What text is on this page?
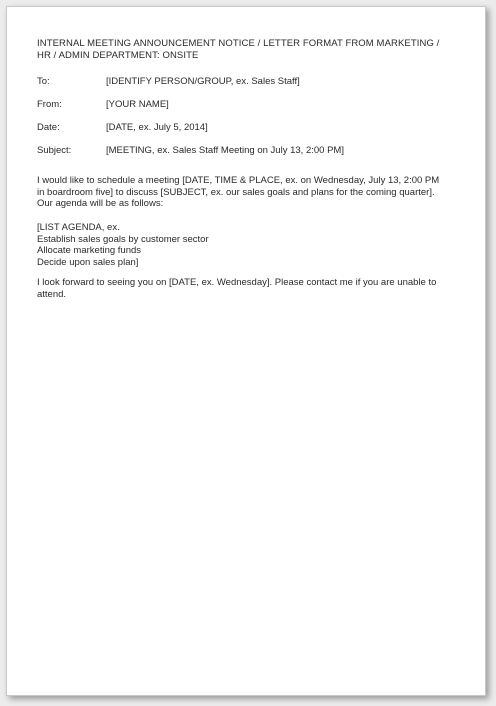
INTERNAL MEETING ANNOUNCEMENT NOTICE / LETTER FORMAT FROM MARKETING /
HR / ADMIN DEPARTMENT: ONSITE
To:	[IDENTIFY PERSON/GROUP, ex. Sales Staff]
From:	[YOUR NAME]
Date:	[DATE, ex. July 5, 2014]
Subject:	[MEETING, ex. Sales Staff Meeting on July 13, 2:00 PM]
I would like to schedule a meeting [DATE, TIME & PLACE, ex. on Wednesday, July 13, 2:00 PM
in boardroom five] to discuss [SUBJECT, ex. our sales goals and plans for the coming quarter].
Our agenda will be as follows:
[LIST AGENDA, ex.
Establish sales goals by customer sector
Allocate marketing funds
Decide upon sales plan]
I look forward to seeing you on [DATE, ex. Wednesday]. Please contact me if you are unable to
attend.
